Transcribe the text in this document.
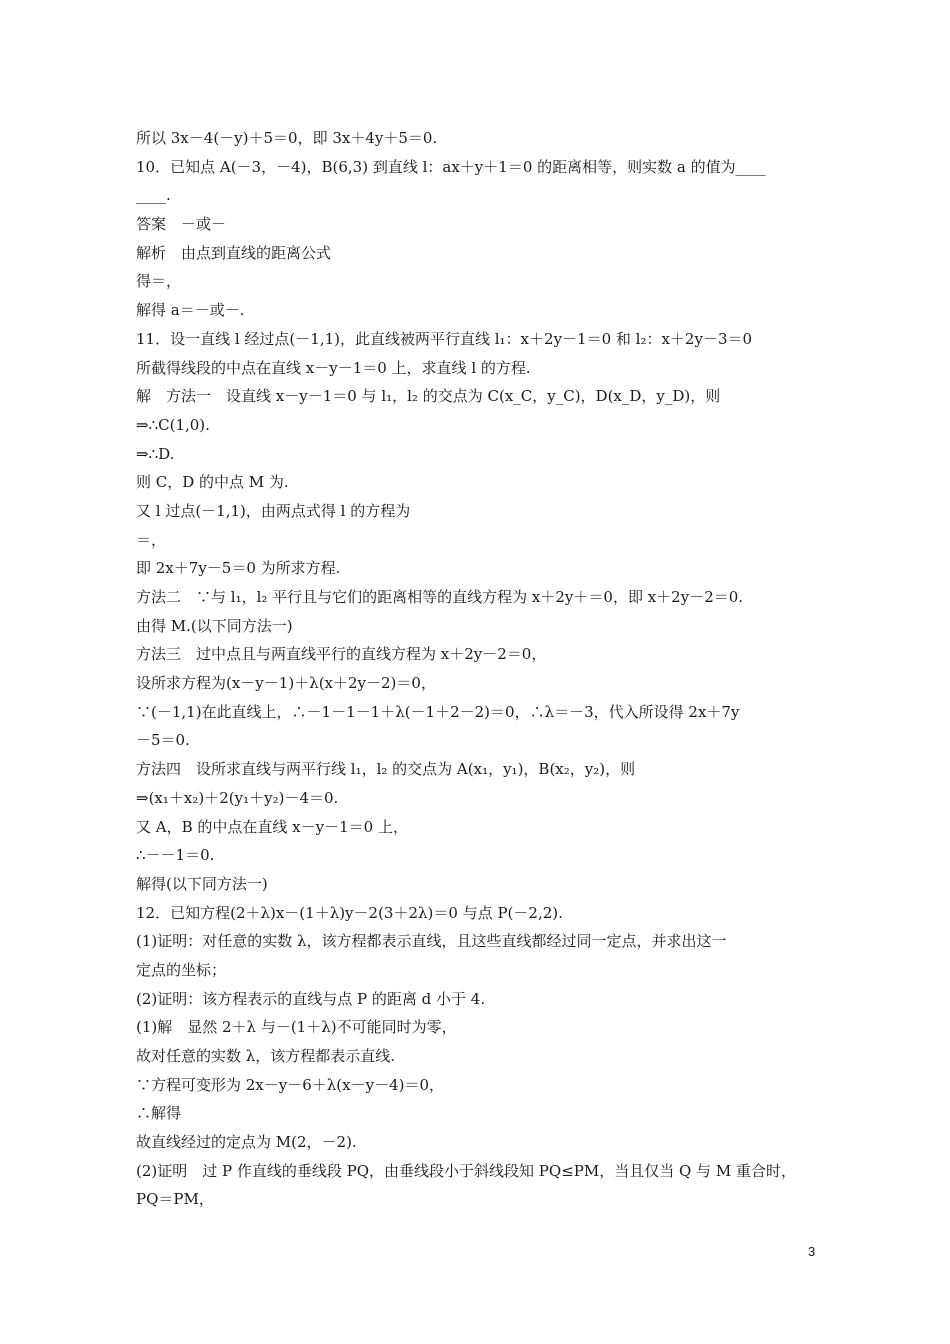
所以 3x－4(－y)＋5＝0，即 3x＋4y＋5＝0.
10．已知点 A(－3，－4)，B(6,3) 到直线 l：ax＋y＋1＝0 的距离相等，则实数 a 的值为____
____.
答案　－或－
解析　由点到直线的距离公式
得＝，
解得 a＝－或－.
11．设一直线 l 经过点(－1,1)，此直线被两平行直线 l₁：x＋2y－1＝0 和 l₂：x＋2y－3＝0
所截得线段的中点在直线 x－y－1＝0 上，求直线 l 的方程.
解　方法一　设直线 x－y－1＝0 与 l₁，l₂ 的交点为 C(x_C，y_C)，D(x_D，y_D)，则
⇒∴C(1,0).
⇒∴D.
则 C，D 的中点 M 为.
又 l 过点(－1,1)，由两点式得 l 的方程为
＝，
即 2x＋7y－5＝0 为所求方程.
方法二　∵与 l₁，l₂ 平行且与它们的距离相等的直线方程为 x＋2y＋＝0，即 x＋2y－2＝0.
由得 M.(以下同方法一)
方法三　过中点且与两直线平行的直线方程为 x＋2y－2＝0，
设所求方程为(x－y－1)＋λ(x＋2y－2)＝0，
∵(－1,1)在此直线上，∴－1－1－1＋λ(－1＋2－2)＝0，∴λ＝－3，代入所设得 2x＋7y
－5＝0.
方法四　设所求直线与两平行线 l₁，l₂ 的交点为 A(x₁，y₁)，B(x₂，y₂)，则
⇒(x₁＋x₂)＋2(y₁＋y₂)－4＝0.
又 A，B 的中点在直线 x－y－1＝0 上，
∴－－1＝0.
解得(以下同方法一)
12．已知方程(2＋λ)x－(1＋λ)y－2(3＋2λ)＝0 与点 P(－2,2).
(1)证明：对任意的实数 λ，该方程都表示直线，且这些直线都经过同一定点，并求出这一
定点的坐标；
(2)证明：该方程表示的直线与点 P 的距离 d 小于 4.
(1)解　显然 2＋λ 与－(1＋λ)不可能同时为零，
故对任意的实数 λ，该方程都表示直线.
∵方程可变形为 2x－y－6＋λ(x－y－4)＝0，
∴解得
故直线经过的定点为 M(2，－2).
(2)证明　过 P 作直线的垂线段 PQ，由垂线段小于斜线段知 PQ≤PM，当且仅当 Q 与 M 重合时，
PQ＝PM，
3
